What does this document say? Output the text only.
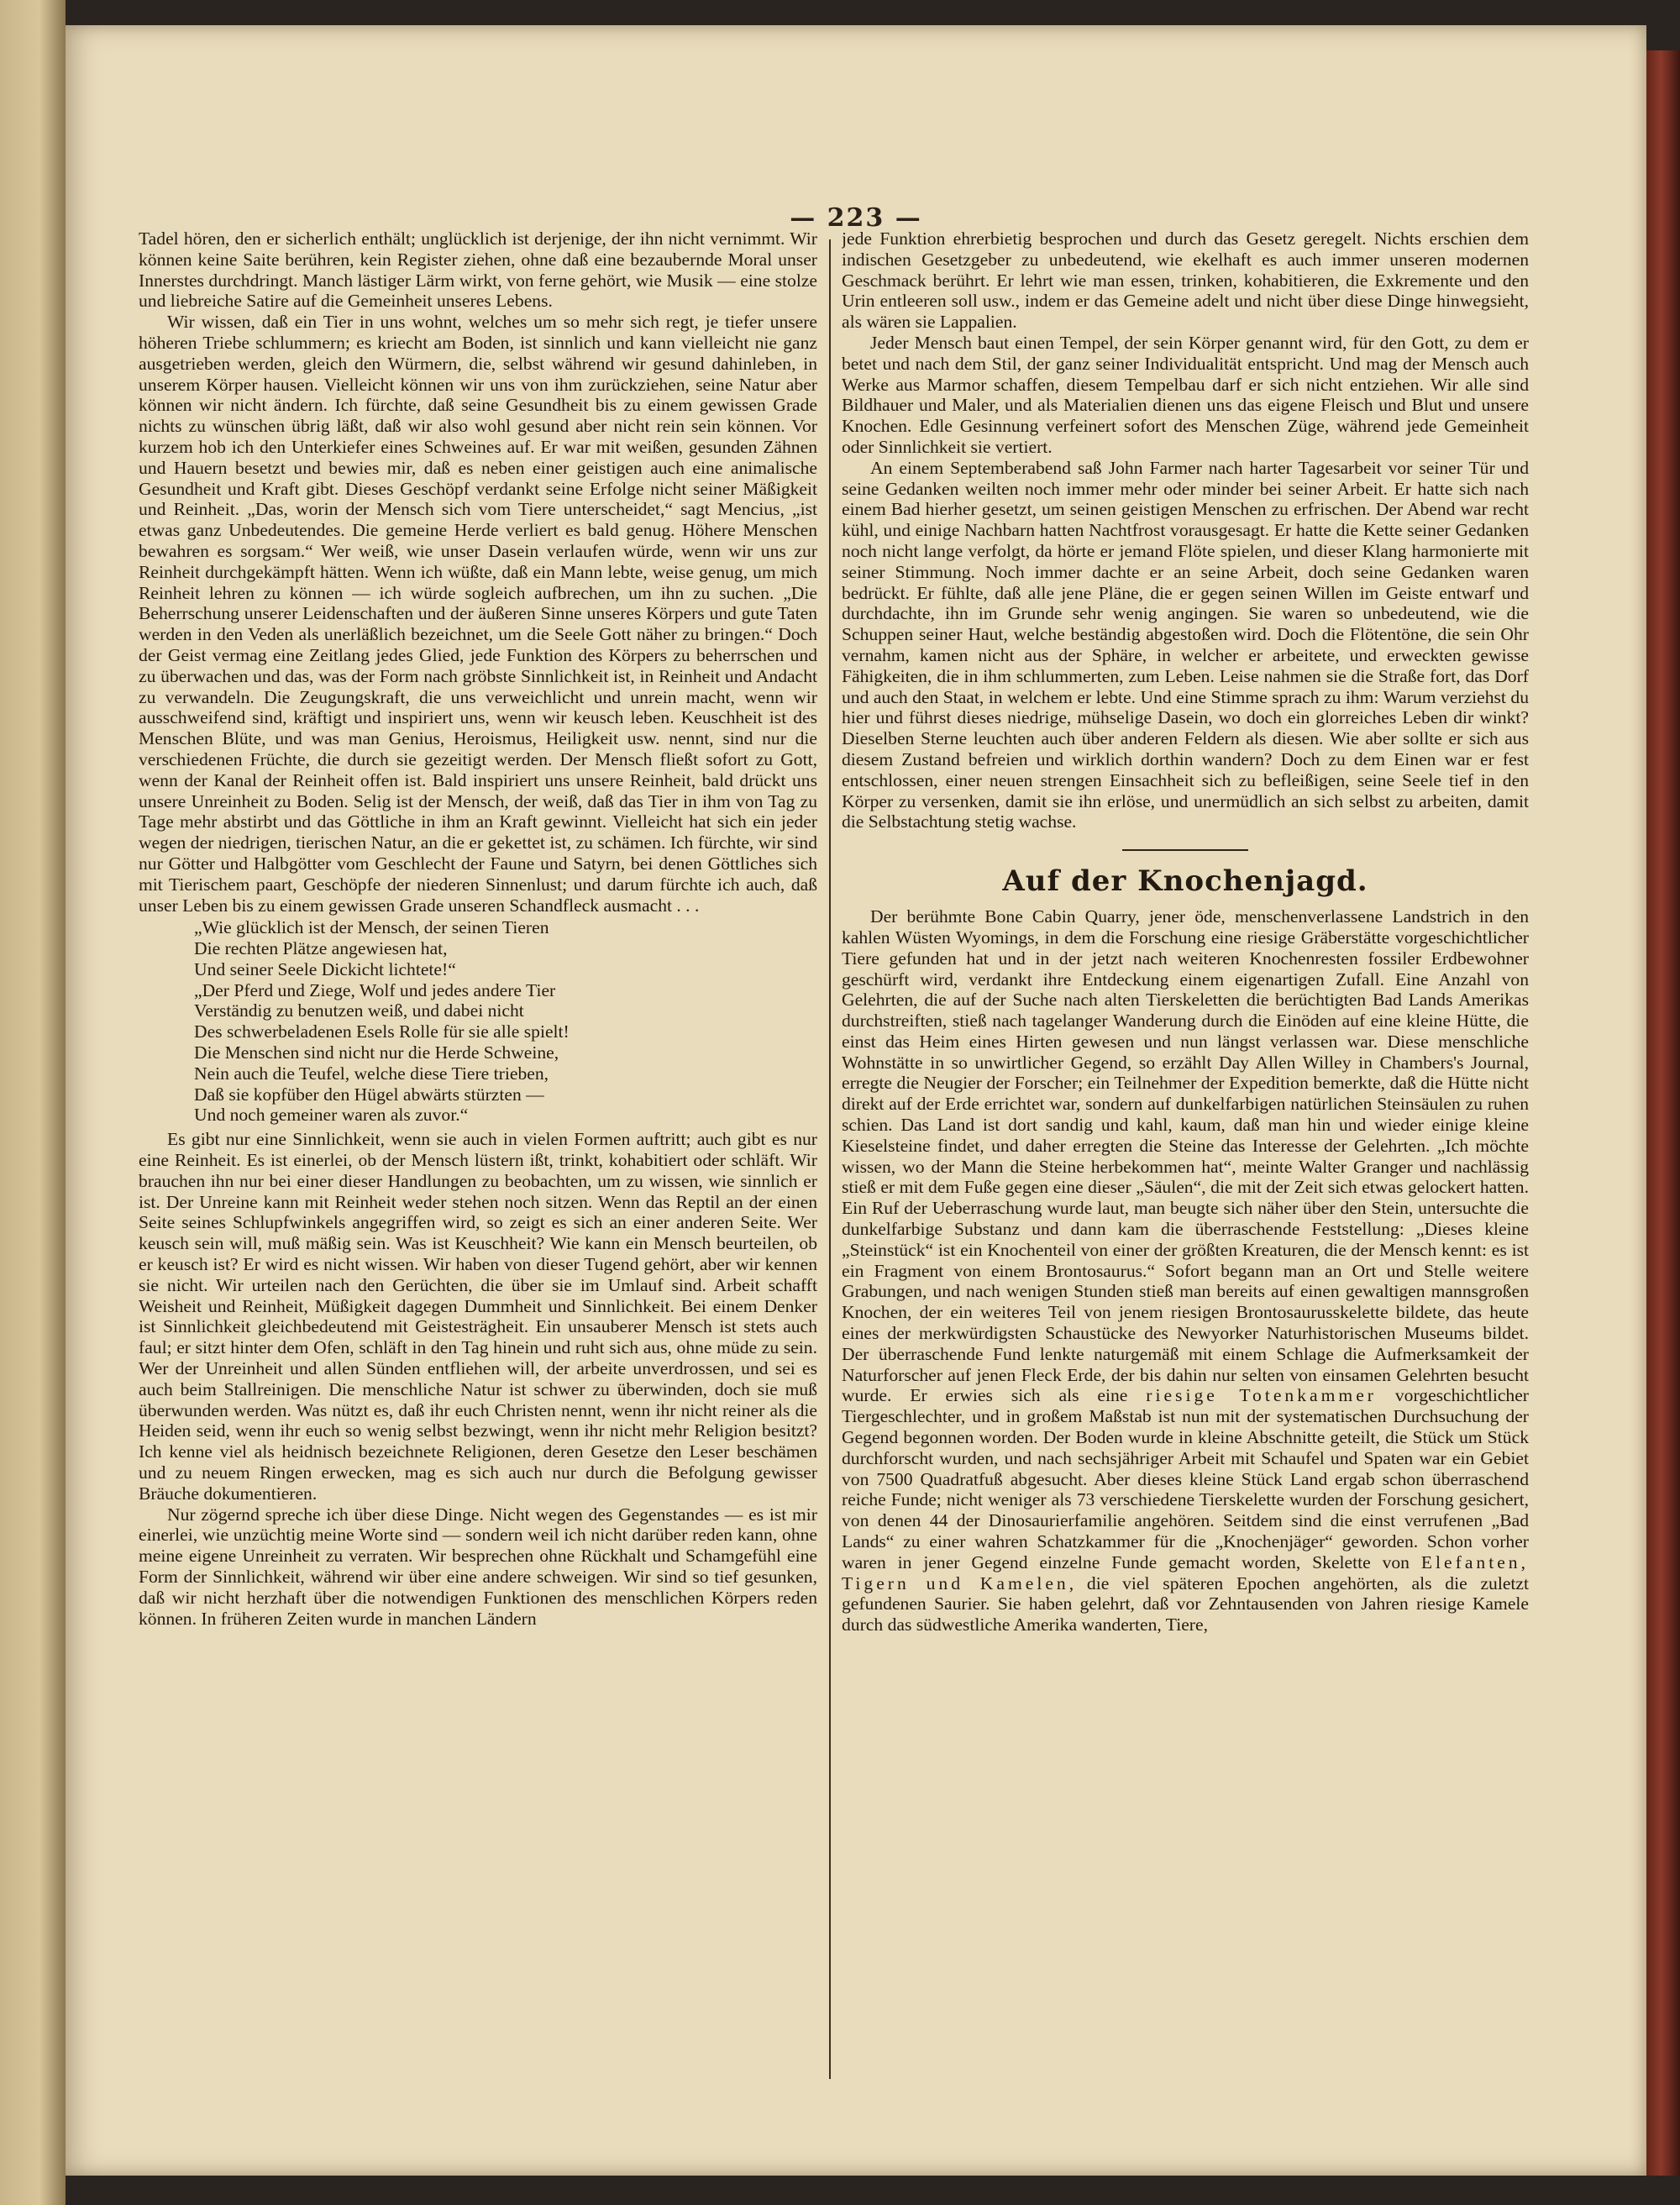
— 223 —

Tadel hören, den er sicherlich enthält; unglücklich ist derjenige, der ihn nicht vernimmt. Wir können keine Saite berühren, kein Register ziehen, ohne daß eine bezaubernde Moral unser Innerstes durchdringt. Manch lästiger Lärm wirkt, von ferne gehört, wie Musik — eine stolze und liebreiche Satire auf die Gemeinheit unseres Lebens.

Wir wissen, daß ein Tier in uns wohnt, welches um so mehr sich regt, je tiefer unsere höheren Triebe schlummern; es kriecht am Boden, ist sinnlich und kann vielleicht nie ganz ausgetrieben werden, gleich den Würmern, die, selbst während wir gesund dahinleben, in unserem Körper hausen. Vielleicht können wir uns von ihm zurückziehen, seine Natur aber können wir nicht ändern. Ich fürchte, daß seine Gesundheit bis zu einem gewissen Grade nichts zu wünschen übrig läßt, daß wir also wohl gesund aber nicht rein sein können. Vor kurzem hob ich den Unterkiefer eines Schweines auf. Er war mit weißen, gesunden Zähnen und Hauern besetzt und bewies mir, daß es neben einer geistigen auch eine animalische Gesundheit und Kraft gibt. Dieses Geschöpf verdankt seine Erfolge nicht seiner Mäßigkeit und Reinheit. „Das, worin der Mensch sich vom Tiere unterscheidet,“ sagt Mencius, „ist etwas ganz Unbedeutendes. Die gemeine Herde verliert es bald genug. Höhere Menschen bewahren es sorgsam.“ Wer weiß, wie unser Dasein verlaufen würde, wenn wir uns zur Reinheit durchgekämpft hätten. Wenn ich wüßte, daß ein Mann lebte, weise genug, um mich Reinheit lehren zu können — ich würde sogleich aufbrechen, um ihn zu suchen. „Die Beherrschung unserer Leidenschaften und der äußeren Sinne unseres Körpers und gute Taten werden in den Veden als unerläßlich bezeichnet, um die Seele Gott näher zu bringen.“ Doch der Geist vermag eine Zeitlang jedes Glied, jede Funktion des Körpers zu beherrschen und zu überwachen und das, was der Form nach gröbste Sinnlichkeit ist, in Reinheit und Andacht zu verwandeln. Die Zeugungskraft, die uns verweichlicht und unrein macht, wenn wir ausschweifend sind, kräftigt und inspiriert uns, wenn wir keusch leben. Keuschheit ist des Menschen Blüte, und was man Genius, Heroismus, Heiligkeit usw. nennt, sind nur die verschiedenen Früchte, die durch sie gezeitigt werden. Der Mensch fließt sofort zu Gott, wenn der Kanal der Reinheit offen ist. Bald inspiriert uns unsere Reinheit, bald drückt uns unsere Unreinheit zu Boden. Selig ist der Mensch, der weiß, daß das Tier in ihm von Tag zu Tage mehr abstirbt und das Göttliche in ihm an Kraft gewinnt. Vielleicht hat sich ein jeder wegen der niedrigen, tierischen Natur, an die er gekettet ist, zu schämen. Ich fürchte, wir sind nur Götter und Halbgötter vom Geschlecht der Faune und Satyrn, bei denen Göttliches sich mit Tierischem paart, Geschöpfe der niederen Sinnenlust; und darum fürchte ich auch, daß unser Leben bis zu einem gewissen Grade unseren Schandfleck ausmacht . . .

„Wie glücklich ist der Mensch, der seinen Tieren
Die rechten Plätze angewiesen hat,
Und seiner Seele Dickicht lichtete!“
„Der Pferd und Ziege, Wolf und jedes andere Tier
Verständig zu benutzen weiß, und dabei nicht
Des schwerbeladenen Esels Rolle für sie alle spielt!
Die Menschen sind nicht nur die Herde Schweine,
Nein auch die Teufel, welche diese Tiere trieben,
Daß sie kopfüber den Hügel abwärts stürzten —
Und noch gemeiner waren als zuvor.“

Es gibt nur eine Sinnlichkeit, wenn sie auch in vielen Formen auftritt; auch gibt es nur eine Reinheit. Es ist einerlei, ob der Mensch lüstern ißt, trinkt, kohabitiert oder schläft. Wir brauchen ihn nur bei einer dieser Handlungen zu beobachten, um zu wissen, wie sinnlich er ist. Der Unreine kann mit Reinheit weder stehen noch sitzen. Wenn das Reptil an der einen Seite seines Schlupfwinkels angegriffen wird, so zeigt es sich an einer anderen Seite. Wer keusch sein will, muß mäßig sein. Was ist Keuschheit? Wie kann ein Mensch beurteilen, ob er keusch ist? Er wird es nicht wissen. Wir haben von dieser Tugend gehört, aber wir kennen sie nicht. Wir urteilen nach den Gerüchten, die über sie im Umlauf sind. Arbeit schafft Weisheit und Reinheit, Müßigkeit dagegen Dummheit und Sinnlichkeit. Bei einem Denker ist Sinnlichkeit gleichbedeutend mit Geistesträgheit. Ein unsauberer Mensch ist stets auch faul; er sitzt hinter dem Ofen, schläft in den Tag hinein und ruht sich aus, ohne müde zu sein. Wer der Unreinheit und allen Sünden entfliehen will, der arbeite unverdrossen, und sei es auch beim Stallreinigen. Die menschliche Natur ist schwer zu überwinden, doch sie muß überwunden werden. Was nützt es, daß ihr euch Christen nennt, wenn ihr nicht reiner als die Heiden seid, wenn ihr euch so wenig selbst bezwingt, wenn ihr nicht mehr Religion besitzt? Ich kenne viel als heidnisch bezeichnete Religionen, deren Gesetze den Leser beschämen und zu neuem Ringen erwecken, mag es sich auch nur durch die Befolgung gewisser Bräuche dokumentieren.

Nur zögernd spreche ich über diese Dinge. Nicht wegen des Gegenstandes — es ist mir einerlei, wie unzüchtig meine Worte sind — sondern weil ich nicht darüber reden kann, ohne meine eigene Unreinheit zu verraten. Wir besprechen ohne Rückhalt und Schamgefühl eine Form der Sinnlichkeit, während wir über eine andere schweigen. Wir sind so tief gesunken, daß wir nicht herzhaft über die notwendigen Funktionen des menschlichen Körpers reden können. In früheren Zeiten wurde in manchen Ländern

jede Funktion ehrerbietig besprochen und durch das Gesetz geregelt. Nichts erschien dem indischen Gesetzgeber zu unbedeutend, wie ekelhaft es auch immer unseren modernen Geschmack berührt. Er lehrt wie man essen, trinken, kohabitieren, die Exkremente und den Urin entleeren soll usw., indem er das Gemeine adelt und nicht über diese Dinge hinwegsieht, als wären sie Lappalien.

Jeder Mensch baut einen Tempel, der sein Körper genannt wird, für den Gott, zu dem er betet und nach dem Stil, der ganz seiner Individualität entspricht. Und mag der Mensch auch Werke aus Marmor schaffen, diesem Tempelbau darf er sich nicht entziehen. Wir alle sind Bildhauer und Maler, und als Materialien dienen uns das eigene Fleisch und Blut und unsere Knochen. Edle Gesinnung verfeinert sofort des Menschen Züge, während jede Gemeinheit oder Sinnlichkeit sie vertiert.

An einem Septemberabend saß John Farmer nach harter Tagesarbeit vor seiner Tür und seine Gedanken weilten noch immer mehr oder minder bei seiner Arbeit. Er hatte sich nach einem Bad hierher gesetzt, um seinen geistigen Menschen zu erfrischen. Der Abend war recht kühl, und einige Nachbarn hatten Nachtfrost vorausgesagt. Er hatte die Kette seiner Gedanken noch nicht lange verfolgt, da hörte er jemand Flöte spielen, und dieser Klang harmonierte mit seiner Stimmung. Noch immer dachte er an seine Arbeit, doch seine Gedanken waren bedrückt. Er fühlte, daß alle jene Pläne, die er gegen seinen Willen im Geiste entwarf und durchdachte, ihn im Grunde sehr wenig angingen. Sie waren so unbedeutend, wie die Schuppen seiner Haut, welche beständig abgestoßen wird. Doch die Flötentöne, die sein Ohr vernahm, kamen nicht aus der Sphäre, in welcher er arbeitete, und erweckten gewisse Fähigkeiten, die in ihm schlummerten, zum Leben. Leise nahmen sie die Straße fort, das Dorf und auch den Staat, in welchem er lebte. Und eine Stimme sprach zu ihm: Warum verziehst du hier und führst dieses niedrige, mühselige Dasein, wo doch ein glorreiches Leben dir winkt? Dieselben Sterne leuchten auch über anderen Feldern als diesen. Wie aber sollte er sich aus diesem Zustand befreien und wirklich dorthin wandern? Doch zu dem Einen war er fest entschlossen, einer neuen strengen Einsachheit sich zu befleißigen, seine Seele tief in den Körper zu versenken, damit sie ihn erlöse, und unermüdlich an sich selbst zu arbeiten, damit die Selbstachtung stetig wachse.

Auf der Knochenjagd.

Der berühmte Bone Cabin Quarry, jener öde, menschenverlassene Landstrich in den kahlen Wüsten Wyomings, in dem die Forschung eine riesige Gräberstätte vorgeschichtlicher Tiere gefunden hat und in der jetzt nach weiteren Knochenresten fossiler Erdbewohner geschürft wird, verdankt ihre Entdeckung einem eigenartigen Zufall. Eine Anzahl von Gelehrten, die auf der Suche nach alten Tierskeletten die berüchtigten Bad Lands Amerikas durchstreiften, stieß nach tagelanger Wanderung durch die Einöden auf eine kleine Hütte, die einst das Heim eines Hirten gewesen und nun längst verlassen war. Diese menschliche Wohnstätte in so unwirtlicher Gegend, so erzählt Day Allen Willey in Chambers's Journal, erregte die Neugier der Forscher; ein Teilnehmer der Expedition bemerkte, daß die Hütte nicht direkt auf der Erde errichtet war, sondern auf dunkelfarbigen natürlichen Steinsäulen zu ruhen schien. Das Land ist dort sandig und kahl, kaum, daß man hin und wieder einige kleine Kieselsteine findet, und daher erregten die Steine das Interesse der Gelehrten. „Ich möchte wissen, wo der Mann die Steine herbekommen hat“, meinte Walter Granger und nachlässig stieß er mit dem Fuße gegen eine dieser „Säulen“, die mit der Zeit sich etwas gelockert hatten. Ein Ruf der Ueberraschung wurde laut, man beugte sich näher über den Stein, untersuchte die dunkelfarbige Substanz und dann kam die überraschende Feststellung: „Dieses kleine „Steinstück“ ist ein Knochenteil von einer der größten Kreaturen, die der Mensch kennt: es ist ein Fragment von einem Brontosaurus.“ Sofort begann man an Ort und Stelle weitere Grabungen, und nach wenigen Stunden stieß man bereits auf einen gewaltigen mannsgroßen Knochen, der ein weiteres Teil von jenem riesigen Brontosaurusskelette bildete, das heute eines der merkwürdigsten Schaustücke des Newyorker Naturhistorischen Museums bildet. Der überraschende Fund lenkte naturgemäß mit einem Schlage die Aufmerksamkeit der Naturforscher auf jenen Fleck Erde, der bis dahin nur selten von einsamen Gelehrten besucht wurde. Er erwies sich als eine riesige Totenkammer vorgeschichtlicher Tiergeschlechter, und in großem Maßstab ist nun mit der systematischen Durchsuchung der Gegend begonnen worden. Der Boden wurde in kleine Abschnitte geteilt, die Stück um Stück durchforscht wurden, und nach sechsjähriger Arbeit mit Schaufel und Spaten war ein Gebiet von 7500 Quadratfuß abgesucht. Aber dieses kleine Stück Land ergab schon überraschend reiche Funde; nicht weniger als 73 verschiedene Tierskelette wurden der Forschung gesichert, von denen 44 der Dinosaurierfamilie angehören. Seitdem sind die einst verrufenen „Bad Lands“ zu einer wahren Schatzkammer für die „Knochenjäger“ geworden. Schon vorher waren in jener Gegend einzelne Funde gemacht worden, Skelette von Elefanten, Tigern und Kamelen, die viel späteren Epochen angehörten, als die zuletzt gefundenen Saurier. Sie haben gelehrt, daß vor Zehntausenden von Jahren riesige Kamele durch das südwestliche Amerika wanderten, Tiere,
